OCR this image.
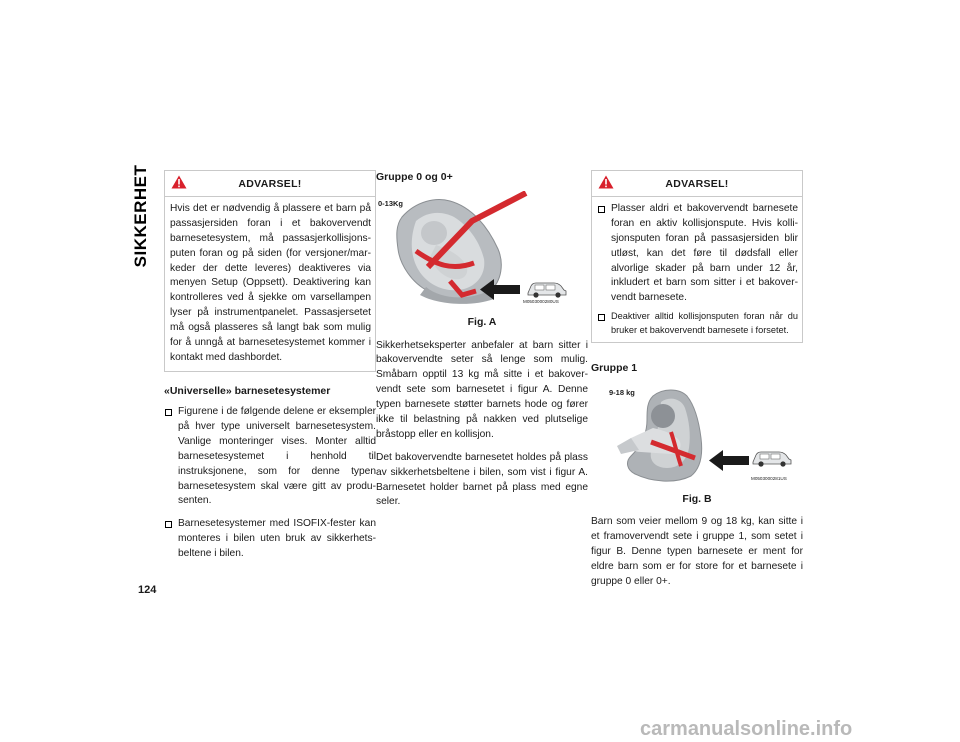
SIKKERHET
124
ADVARSEL!

Hvis det er nødvendig å plassere et barn på passasjersiden foran i et bakovervendt barnesetesystem, må passasjerkollisjonsputen foran og på siden (for versjoner/markeder der dette leveres) deaktiveres via menyen Setup (Oppsett). Deaktivering kan kontrolleres ved å sjekke om varsellampen lyser på instrumentpanelet. Passasjersetet må også plasseres så langt bak som mulig for å unngå at barnesetesystemet kommer i kontakt med dashbordet.

«Universelle» barnesetesystemer
Figurene i de følgende delene er eksempler på hver type universelt barnesetesystem. Vanlige monteringer vises. Monter alltid barnesetesystemet i henhold til instruksjonene, som for denne typen barnesetesystem skal være gitt av produsenten.
Barnesetesystemer med ISOFIX-fester kan monteres i bilen uten bruk av sikkerhetsbeltene i bilen.
Gruppe 0 og 0+
0-13Kg
M0503000280US
Fig. A

Sikkerhetseksperter anbefaler at barn sitter i bakovervendte seter så lenge som mulig. Småbarn opptil 13 kg må sitte i et bakovervendt sete som barnesetet i figur A. Denne typen barnesete støtter barnets hode og fører ikke til belastning på nakken ved plutselige bråstopp eller en kollisjon.

Det bakovervendte barnesetet holdes på plass av sikkerhetsbeltene i bilen, som vist i figur A. Barnesetet holder barnet på plass med egne seler.

ADVARSEL!
Plasser aldri et bakovervendt barnesete foran en aktiv kollisjonspute. Hvis kollisjonsputen foran på passasjersiden blir utløst, kan det føre til dødsfall eller alvorlige skader på barn under 12 år, inkludert et barn som sitter i et bakovervendt barnesete.
Deaktiver alltid kollisjonsputen foran når du bruker et bakovervendt barnesete i forsetet.
Gruppe 1
9-18 kg
M0503000281US
Fig. B

Barn som veier mellom 9 og 18 kg, kan sitte i et framovervendt sete i gruppe 1, som setet i figur B. Denne typen barnesete er ment for eldre barn som er for store for et barnesete i gruppe 0 eller 0+.

carmanualsonline.info
